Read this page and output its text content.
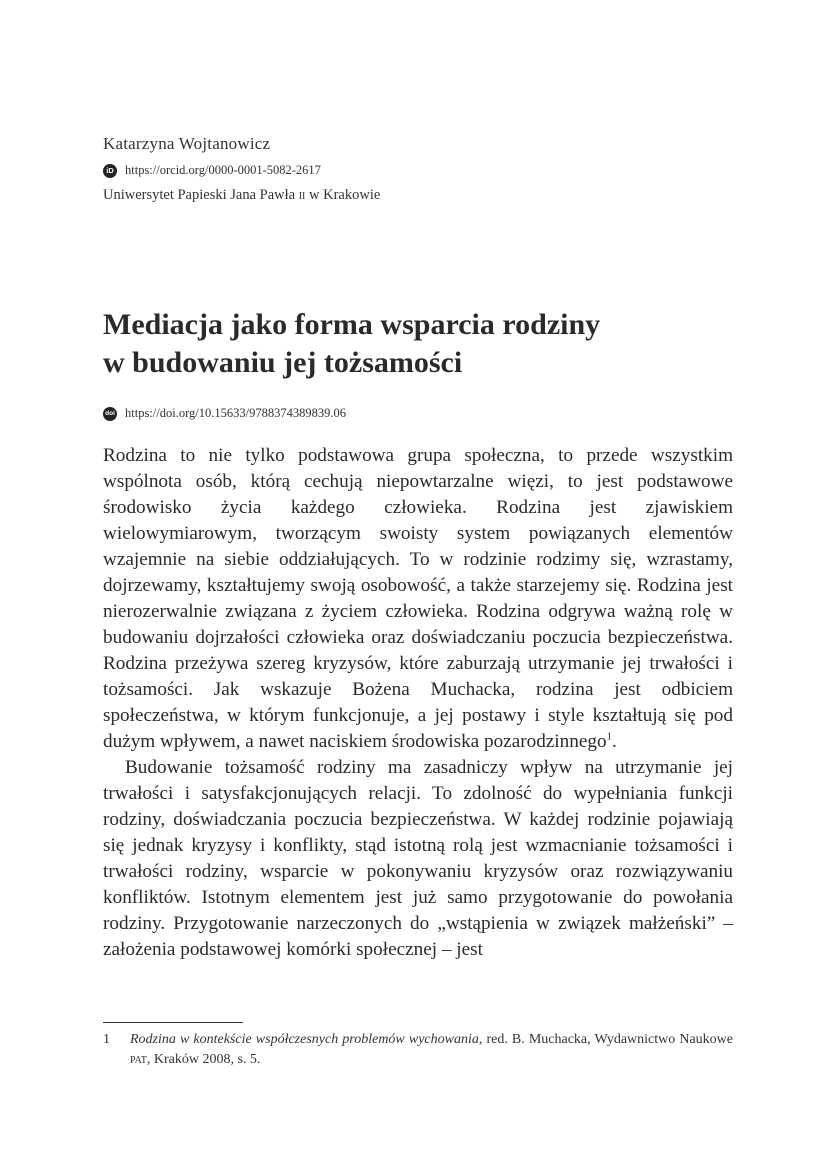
Katarzyna Wojtanowicz
iD https://orcid.org/0000-0001-5082-2617
Uniwersytet Papieski Jana Pawła ii w Krakowie
Mediacja jako forma wsparcia rodziny
w budowaniu jej tożsamości
doi https://doi.org/10.15633/9788374389839.06

Rodzina to nie tylko podstawowa grupa społeczna, to przede wszystkim wspólnota osób, którą cechują niepowtarzalne więzi, to jest podstawowe środowisko życia każdego człowieka. Rodzina jest zjawiskiem wielowymiarowym, tworzącym swoisty system powiązanych elementów wzajemnie na siebie oddziałujących. To w rodzinie rodzimy się, wzrastamy, dojrzewamy, kształtujemy swoją osobowość, a także starzejemy się. Rodzina jest nierozerwalnie związana z życiem człowieka. Rodzina odgrywa ważną rolę w budowaniu dojrzałości człowieka oraz doświadczaniu poczucia bezpieczeństwa. Rodzina przeżywa szereg kryzysów, które zaburzają utrzymanie jej trwałości i tożsamości. Jak wskazuje Bożena Muchacka, rodzina jest odbiciem społeczeństwa, w którym funkcjonuje, a jej postawy i style kształtują się pod dużym wpływem, a nawet naciskiem środowiska pozarodzinnego$^1$.

Budowanie tożsamość rodziny ma zasadniczy wpływ na utrzymanie jej trwałości i satysfakcjonujących relacji. To zdolność do wypełniania funkcji rodziny, doświadczania poczucia bezpieczeństwa. W każdej rodzinie pojawiają się jednak kryzysy i konflikty, stąd istotną rolą jest wzmacnianie tożsamości i trwałości rodziny, wsparcie w pokonywaniu kryzysów oraz rozwiązywaniu konfliktów. Istotnym elementem jest już samo przygotowanie do powołania rodziny. Przygotowanie narzeczonych do „wstąpienia w związek małżeński” – założenia podstawowej komórki społecznej – jest

1	Rodzina w kontekście współczesnych problemów wychowania, red. B. Muchacka, Wydawnictwo Naukowe pat, Kraków 2008, s. 5.
